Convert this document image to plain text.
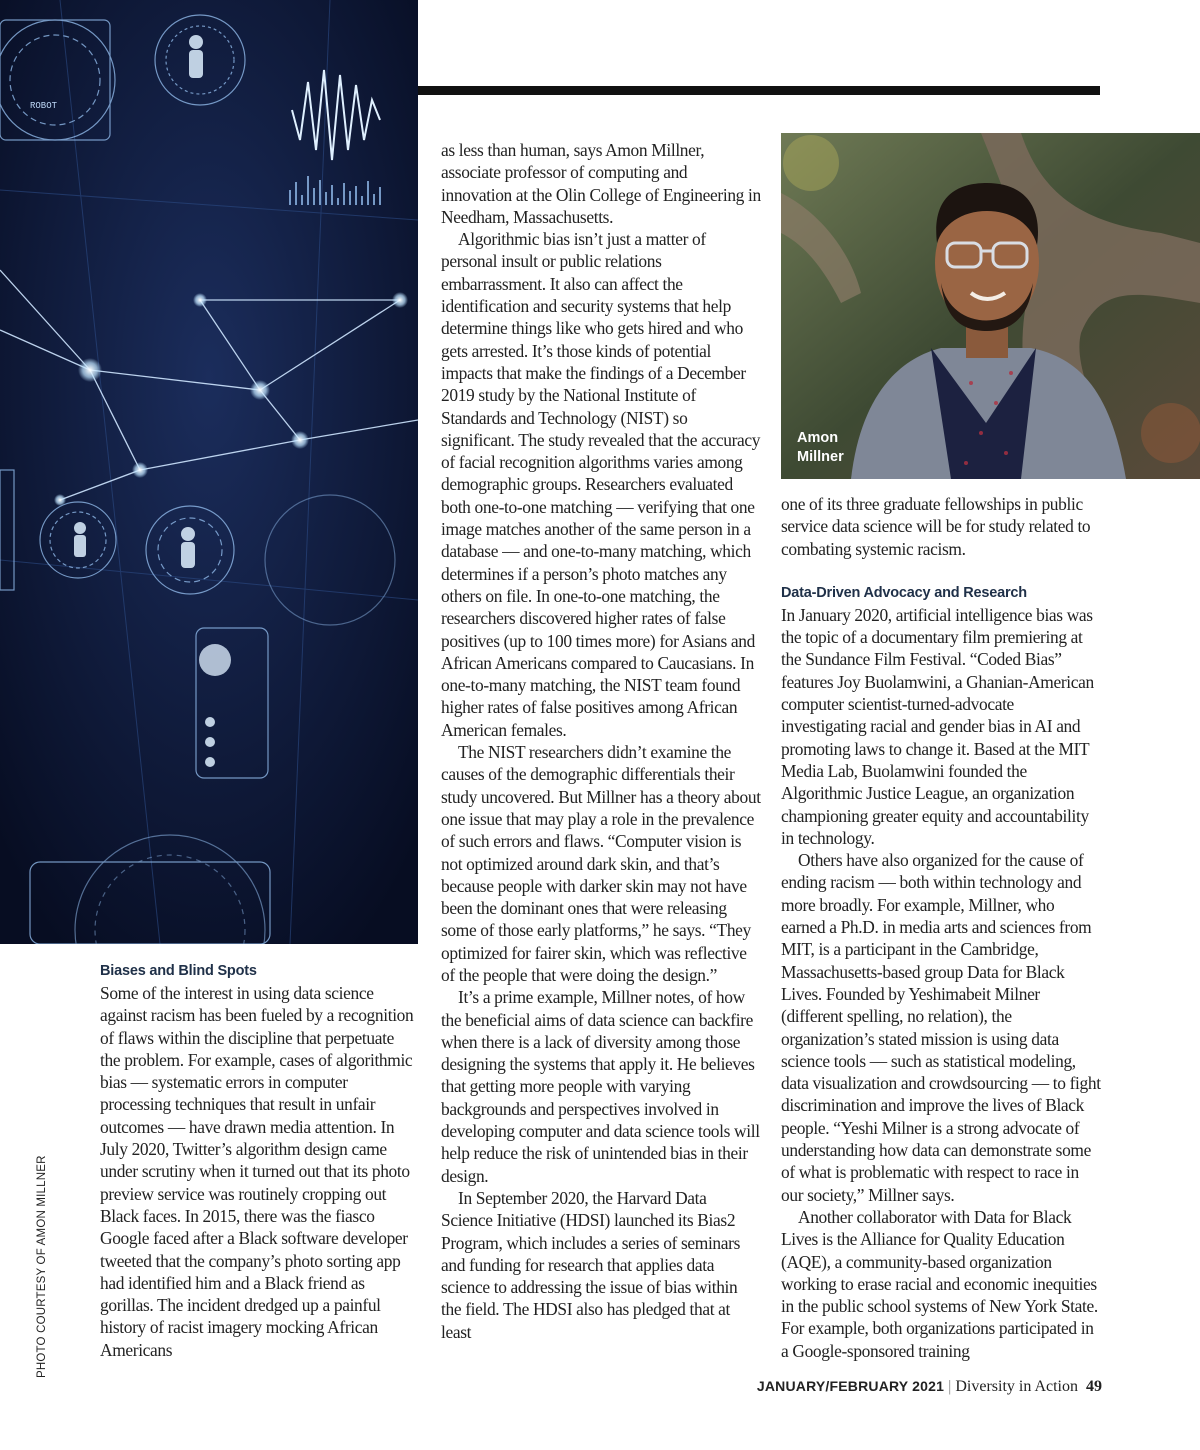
ROBOT
Biases and Blind Spots

Some of the interest in using data science against racism has been fueled by a recognition of flaws within the discipline that perpetuate the problem. For example, cases of algorithmic bias — systematic errors in computer processing techniques that result in unfair outcomes — have drawn media attention. In July 2020, Twitter’s algorithm design came under scrutiny when it turned out that its photo preview service was routinely cropping out Black faces. In 2015, there was the fiasco Google faced after a Black software developer tweeted that the company’s photo sorting app had identified him and a Black friend as gorillas. The incident dredged up a painful history of racist imagery mocking African Americans

as less than human, says Amon Millner, associate professor of computing and innovation at the Olin College of Engineering in Needham, Massachusetts.

Algorithmic bias isn’t just a matter of personal insult or public relations embarrassment. It also can affect the identification and security systems that help determine things like who gets hired and who gets arrested. It’s those kinds of potential impacts that make the findings of a December 2019 study by the National Institute of Standards and Technology (NIST) so significant. The study revealed that the accuracy of facial recognition algorithms varies among demographic groups. Researchers evaluated both one-to-one matching — verifying that one image matches another of the same person in a database — and one-to-many matching, which determines if a person’s photo matches any others on file. In one-to-one matching, the researchers discovered higher rates of false positives (up to 100 times more) for Asians and African Americans compared to Caucasians. In one-to-many matching, the NIST team found higher rates of false positives among African American females.

The NIST researchers didn’t examine the causes of the demographic differentials their study uncovered. But Millner has a theory about one issue that may play a role in the prevalence of such errors and flaws. “Computer vision is not optimized around dark skin, and that’s because people with darker skin may not have been the dominant ones that were releasing some of those early platforms,” he says. “They optimized for fairer skin, which was reflective of the people that were doing the design.”

It’s a prime example, Millner notes, of how the beneficial aims of data science can backfire when there is a lack of diversity among those designing the systems that apply it. He believes that getting more people with varying backgrounds and perspectives involved in developing computer and data science tools will help reduce the risk of unintended bias in their design.

In September 2020, the Harvard Data Science Initiative (HDSI) launched its Bias2 Program, which includes a series of seminars and funding for research that applies data science to addressing the issue of bias within the field. The HDSI also has pledged that at least

Amon
Millner

one of its three graduate fellowships in public service data science will be for study related to combating systemic racism.

Data-Driven Advocacy and Research

In January 2020, artificial intelligence bias was the topic of a documentary film premiering at the Sundance Film Festival. “Coded Bias” features Joy Buolamwini, a Ghanian-American computer scientist-turned-advocate investigating racial and gender bias in AI and promoting laws to change it. Based at the MIT Media Lab, Buolamwini founded the Algorithmic Justice League, an organization championing greater equity and accountability in technology.

Others have also organized for the cause of ending racism — both within technology and more broadly. For example, Millner, who earned a Ph.D. in media arts and sciences from MIT, is a participant in the Cambridge, Massachusetts-based group Data for Black Lives. Founded by Yeshimabeit Milner (different spelling, no relation), the organization’s stated mission is using data science tools — such as statistical modeling, data visualization and crowdsourcing — to fight discrimination and improve the lives of Black people. “Yeshi Milner is a strong advocate of understanding how data can demonstrate some of what is problematic with respect to race in our society,” Millner says.

Another collaborator with Data for Black Lives is the Alliance for Quality Education (AQE), a community-based organization working to erase racial and economic inequities in the public school systems of New York State. For example, both organizations participated in a Google-sponsored training

PHOTO COURTESY OF AMON MILLNER
JANUARY/FEBRUARY 2021 | Diversity in Action 49
